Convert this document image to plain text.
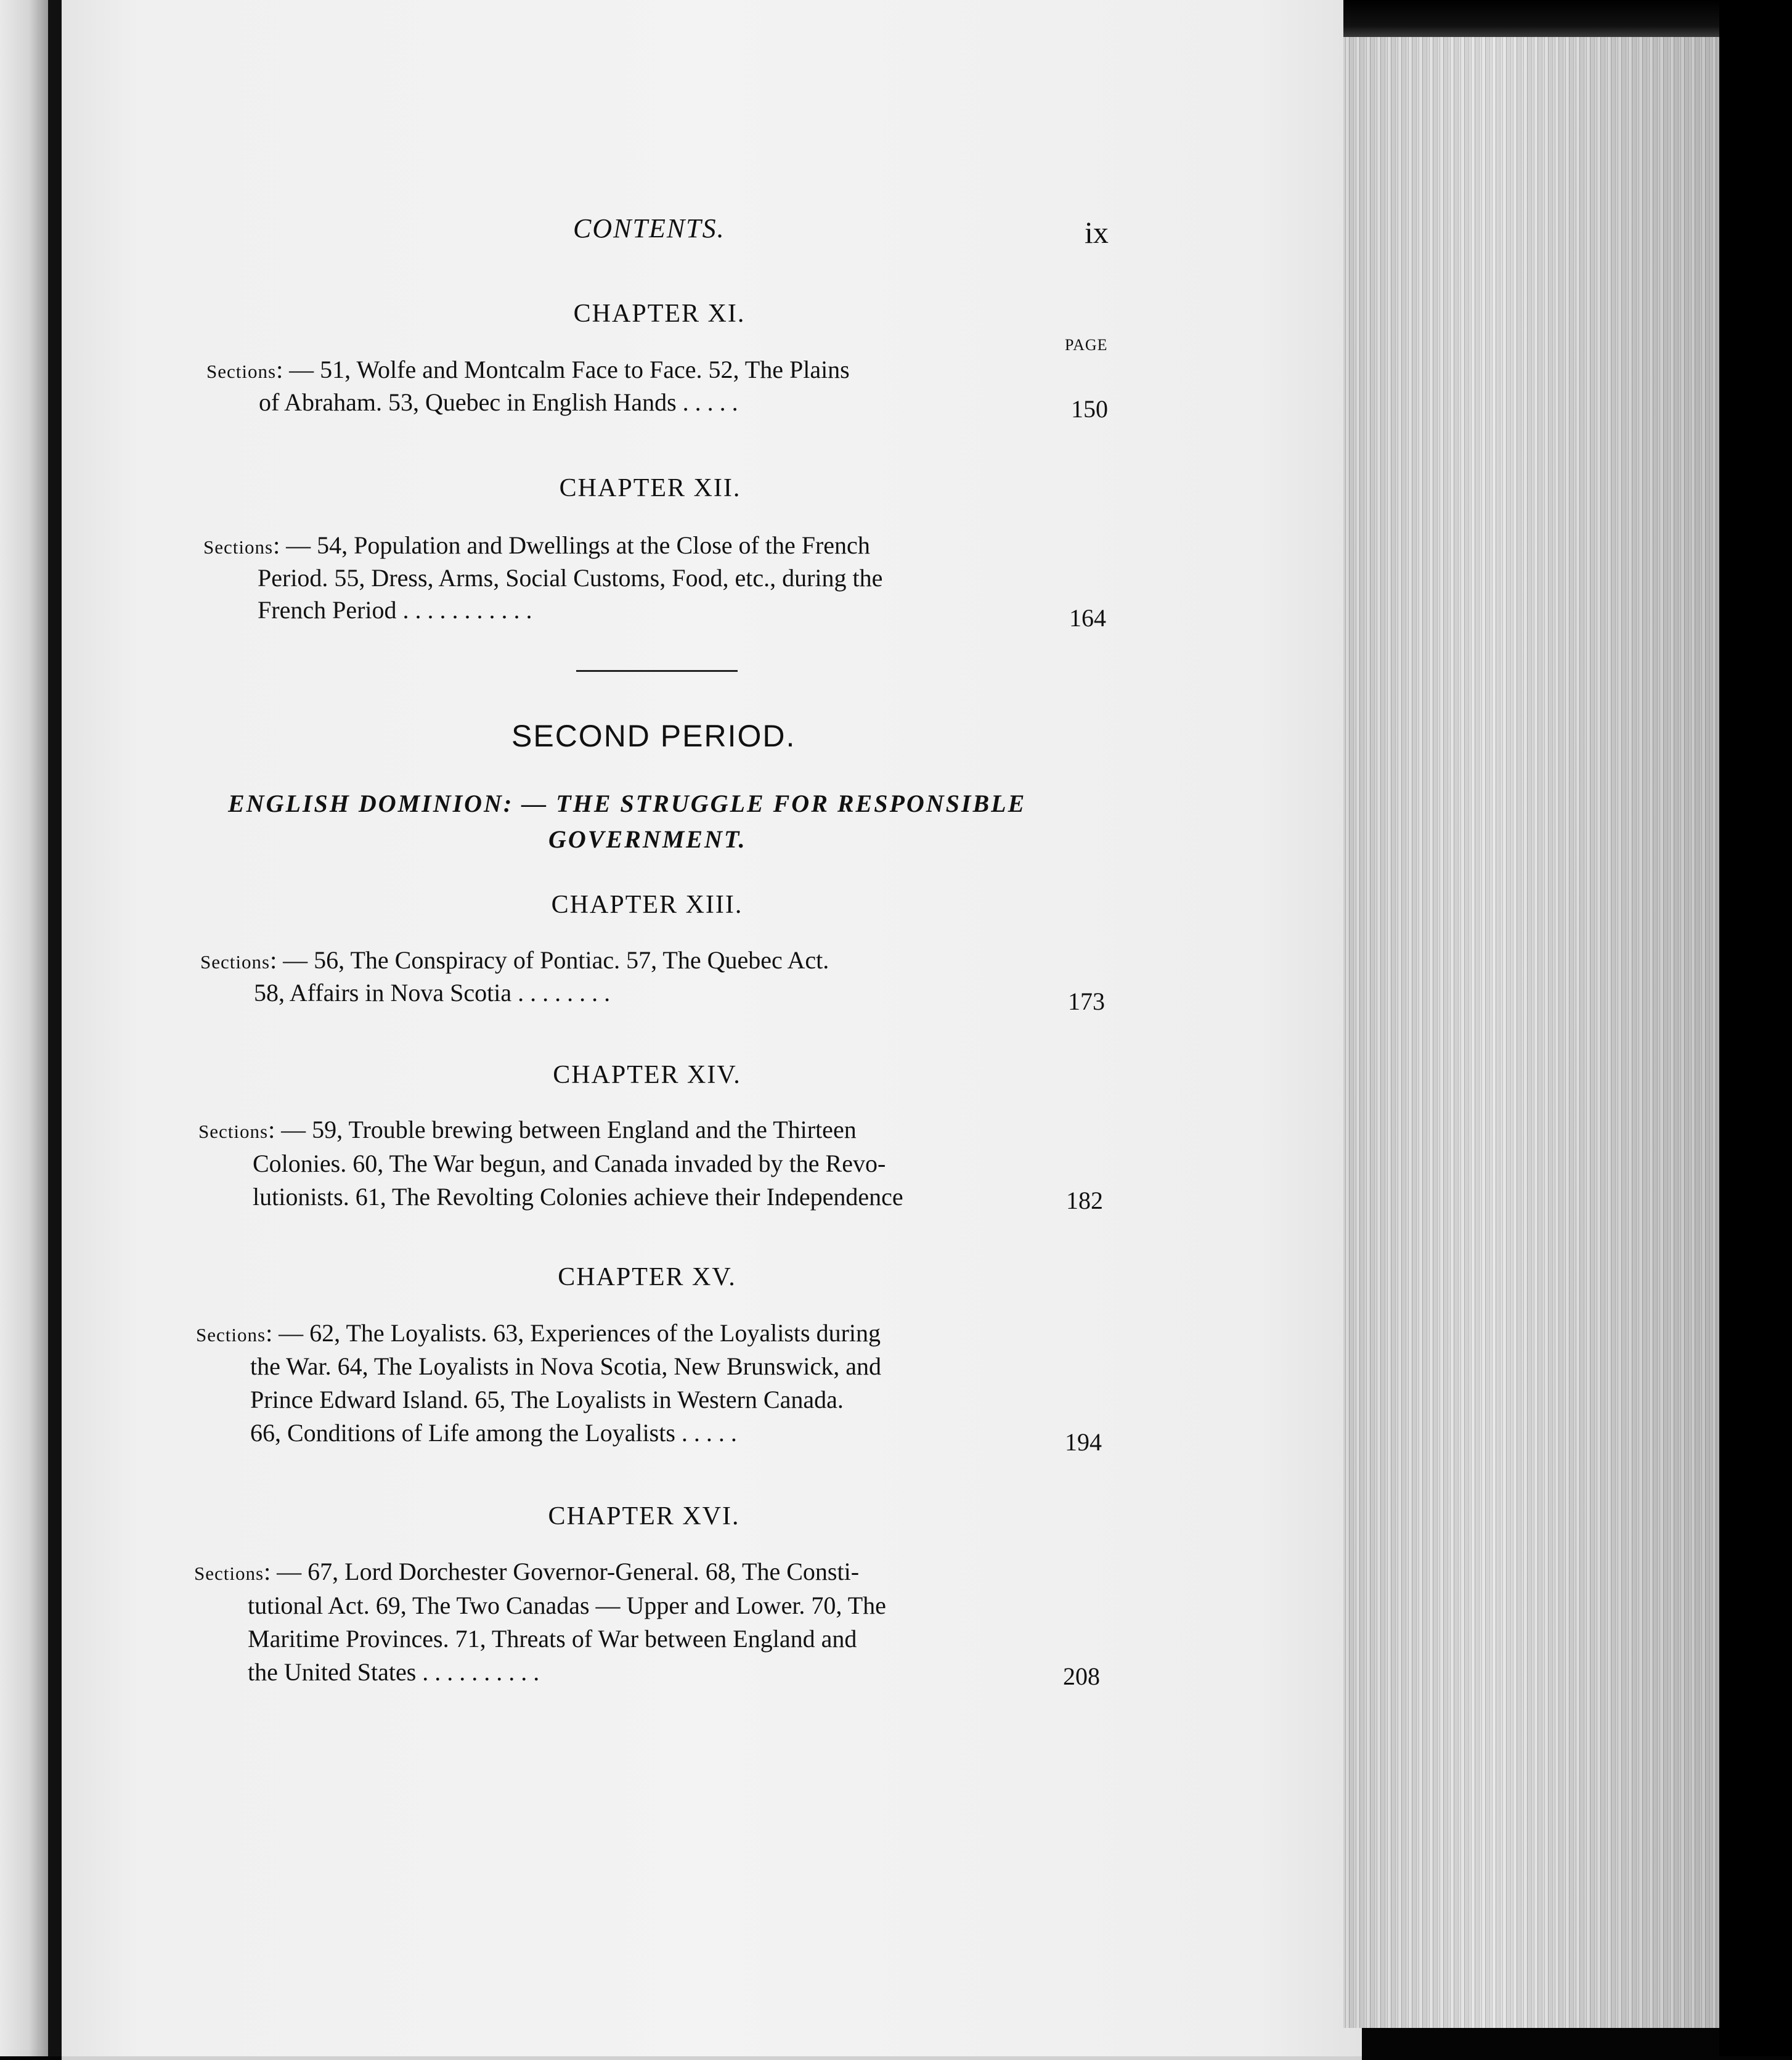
CONTENTS.	ix
CHAPTER XI.
PAGE
Sections: — 51, Wolfe and Montcalm Face to Face. 52, The Plains
of Abraham. 53, Quebec in English Hands . . . . .	150
CHAPTER XII.
Sections: — 54, Population and Dwellings at the Close of the French
Period. 55, Dress, Arms, Social Customs, Food, etc., during the
French Period . . . . . . . . . . .	164
SECOND PERIOD.
ENGLISH DOMINION: — THE STRUGGLE FOR RESPONSIBLE
GOVERNMENT.
CHAPTER XIII.
Sections: — 56, The Conspiracy of Pontiac. 57, The Quebec Act.
58, Affairs in Nova Scotia . . . . . . . .	173
CHAPTER XIV.
Sections: — 59, Trouble brewing between England and the Thirteen
Colonies. 60, The War begun, and Canada invaded by the Revo-
lutionists. 61, The Revolting Colonies achieve their Independence	182
CHAPTER XV.
Sections: — 62, The Loyalists. 63, Experiences of the Loyalists during
the War. 64, The Loyalists in Nova Scotia, New Brunswick, and
Prince Edward Island. 65, The Loyalists in Western Canada.
66, Conditions of Life among the Loyalists . . . . .	194
CHAPTER XVI.
Sections: — 67, Lord Dorchester Governor-General. 68, The Consti-
tutional Act. 69, The Two Canadas — Upper and Lower. 70, The
Maritime Provinces. 71, Threats of War between England and
the United States . . . . . . . . . .	208
